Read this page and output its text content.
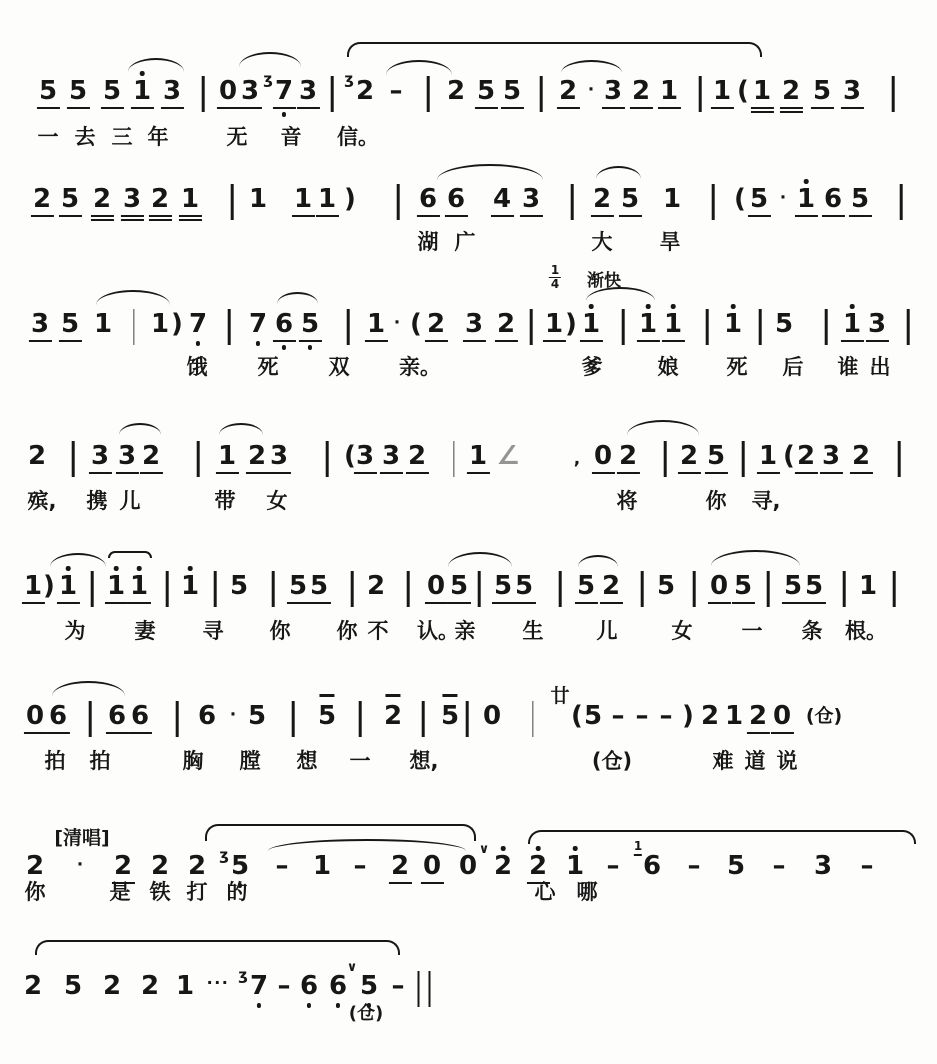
5 5 5 1 3 0 3 ʒ 7 3 ʒ 2 – 2 5 5 2 · 3 2 1 1 ( 1 2 5 3
一 去 三 年	无 音 信。
2 5 2 3 2 1 1 1 1 ) 6 6 4 3 2 5 1 ( 5 · 1 6 5
湖 广	大 旱
3 5 1 1 ) 7 7 6 5 1 · ( 2 3 2 1 ) 1 1 1 1 5 1 3
饿 死 双 亲。	爹	娘 死 后 谁 出
$\frac{1}{4}$ 渐快
2 3 3 2 1 2 3 ( 3 3 2 1 ∠	, 0 2 2 5 1 ( 2 3 2
殡, 携 儿	带 女	将	你 寻,
1 ) 1 1 1 1 5 5 5 2 0 5 5 5 5 2 5 0 5 5 5 1
为 妻 寻 你 你 不 认。
亲 生	儿	女 一 条 根。
0 6 6 6 6 · 5 5 2 5 0	( 5 – – – ) 2 1 2 0 (仓)
拍 拍	胸 膛 想 一 想,	(仓)	难 道 说
廿
2 · 2 2 2 ʒ 5 – 1 – 2 0 0
∨
2 2 1 – 6 – 5 – 3 –
你	是 铁 打 的	心 哪
[清唱]	1
2 5 2 2 1 ··· ʒ 7 – 6 6
∨
5 –
(仓)
